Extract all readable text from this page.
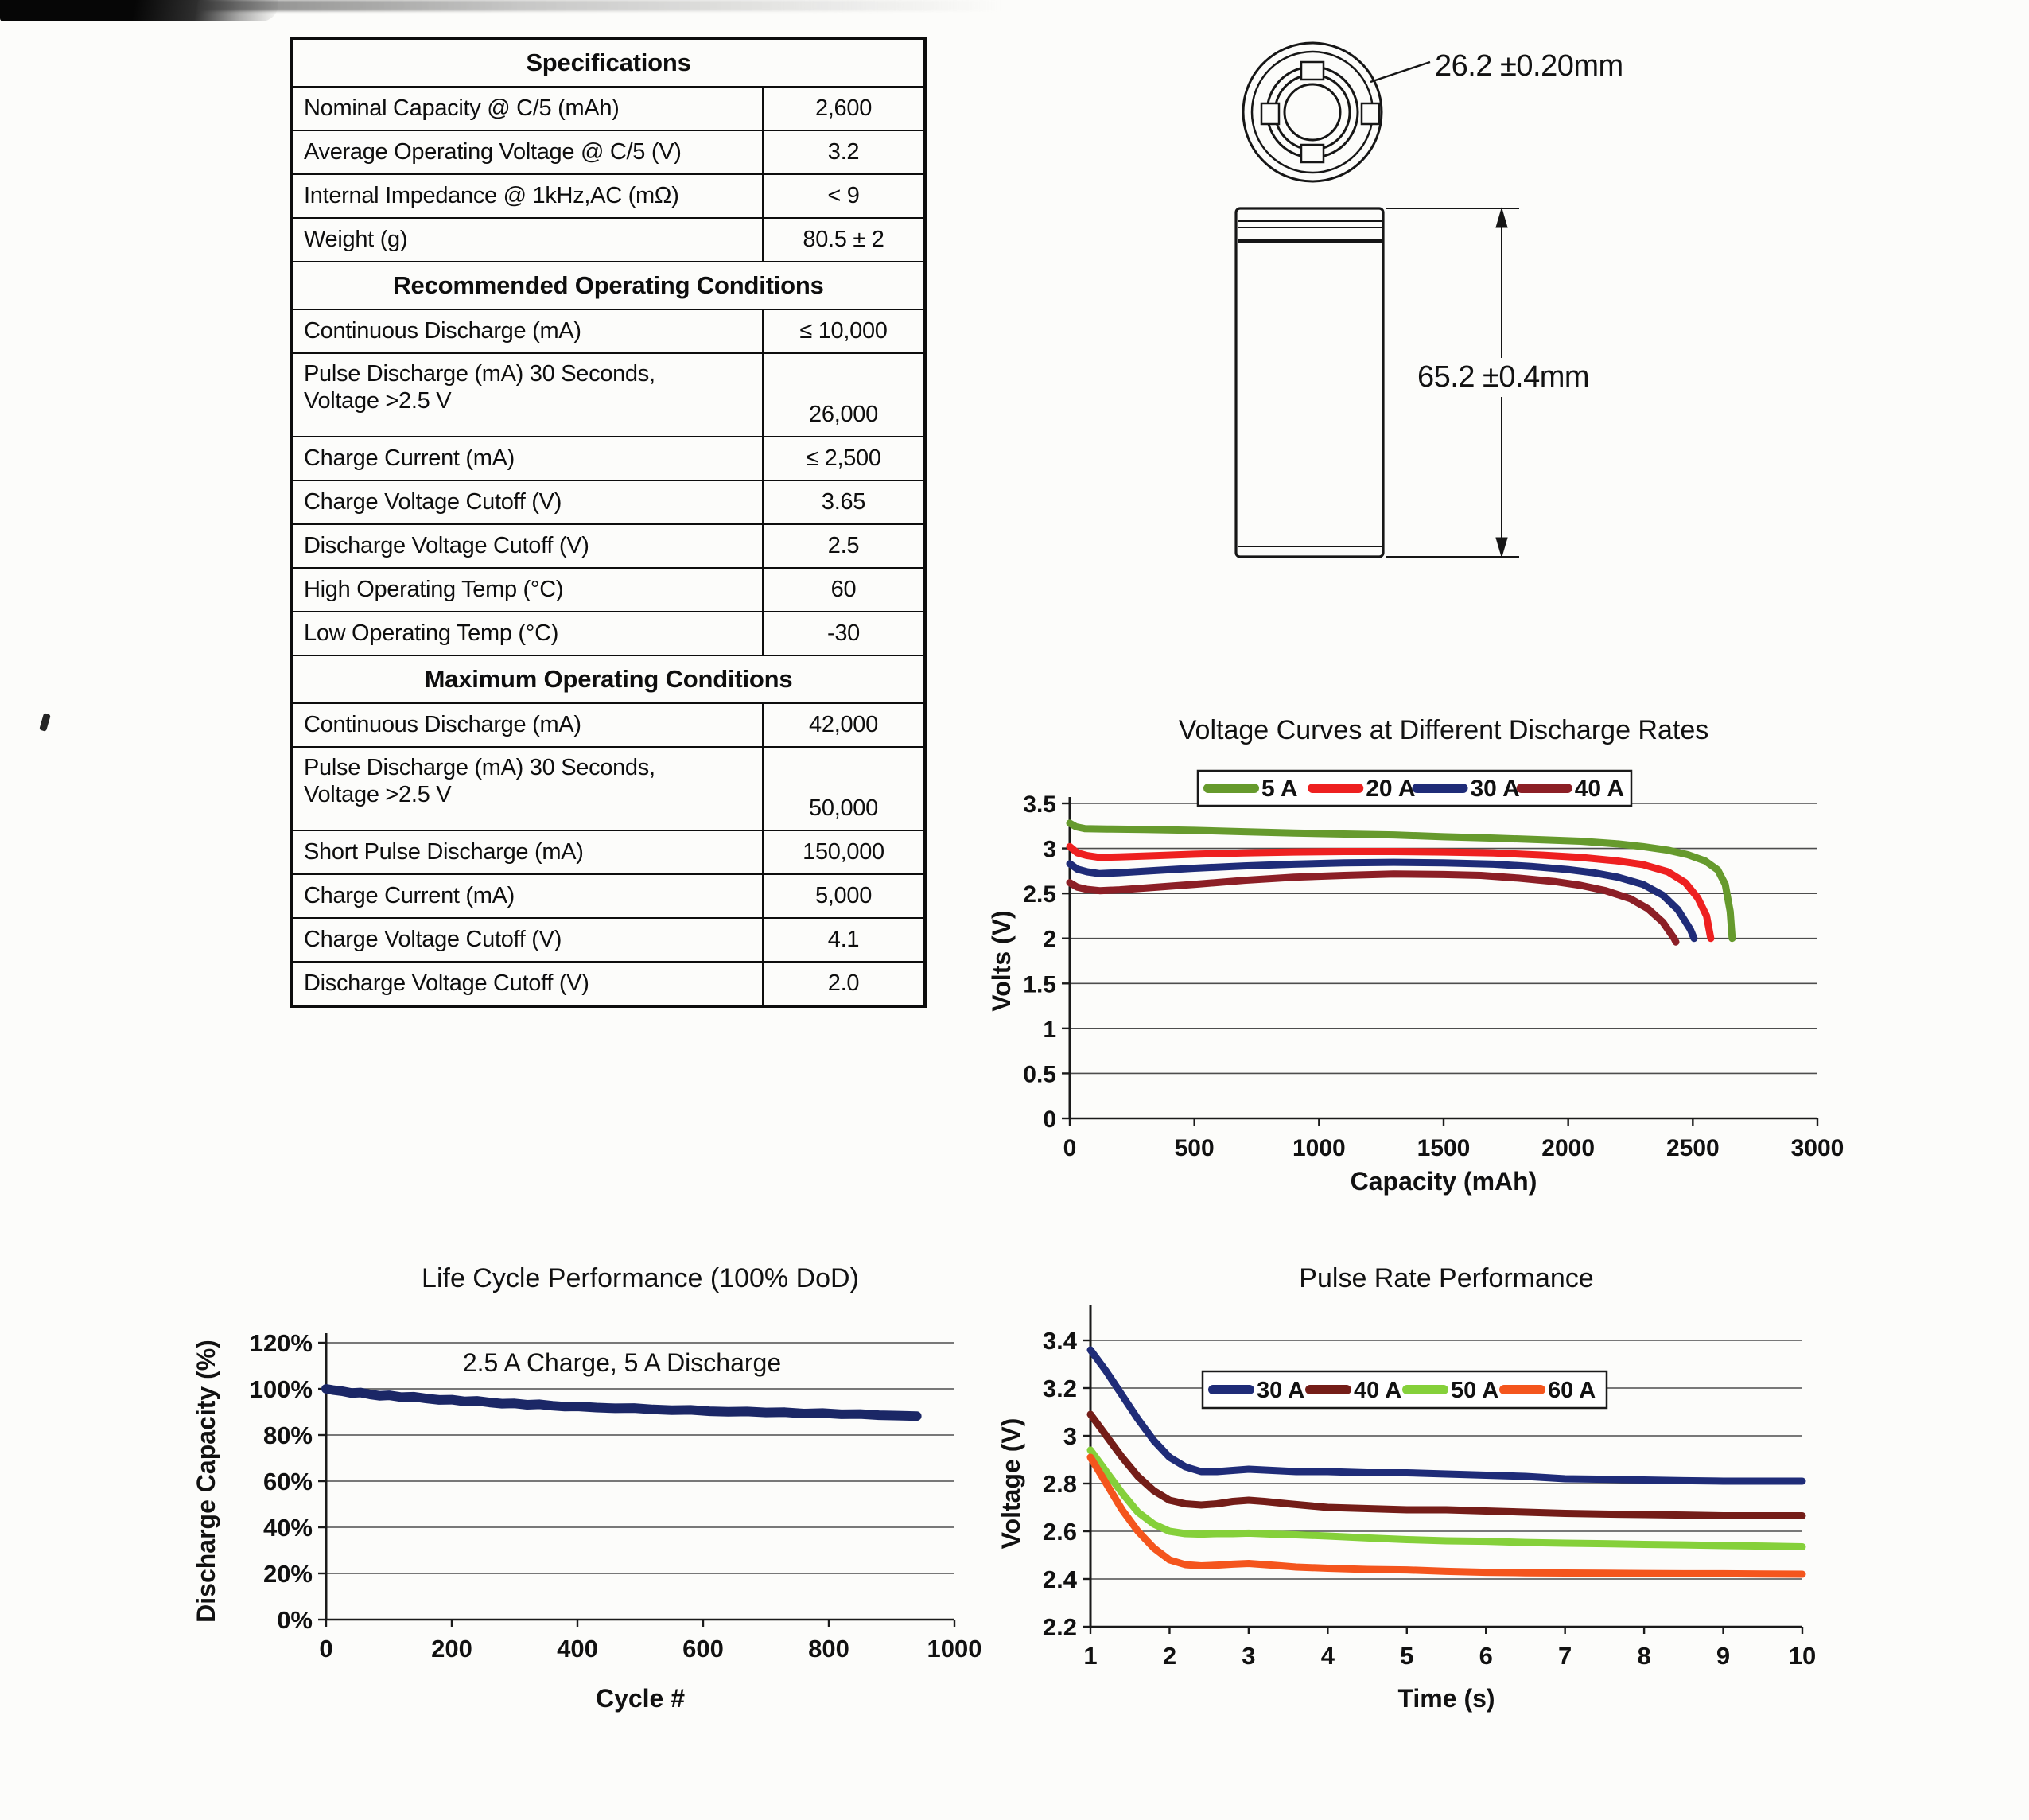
Specifications	

Nominal Capacity @ C/5 (mAh)	2,600

Average Operating Voltage @ C/5 (V)	3.2

Internal Impedance @ 1kHz,AC (mΩ)	< 9

Weight (g)	80.5 ± 2
Recommended Operating Conditions	

Continuous Discharge (mA)	≤ 10,000

Pulse Discharge (mA) 30 Seconds,
Voltage >2.5 V	26,000

Charge Current (mA)	≤ 2,500

Charge Voltage Cutoff (V)	3.65

Discharge Voltage Cutoff (V)	2.5

High Operating Temp (°C)	60

Low Operating Temp (°C)	-30
Maximum Operating Conditions	

Continuous Discharge (mA)	42,000

Pulse Discharge (mA) 30 Seconds,
Voltage >2.5 V	50,000

Short Pulse Discharge (mA)	150,000

Charge Current (mA)	5,000

Charge Voltage Cutoff (V)	4.1

Discharge Voltage Cutoff (V)	2.0
26.2 ±0.20mm
65.2 ±0.4mm
0
0.5
1
1.5
2
2.5
3
3.5
0	500	1000	1500	2000	2500	3000
Voltage Curves at Different Discharge Rates
Capacity (mAh)
Volts (V)
5 A	20 A 30 A 40 A
0%
20%
40%
60%
80%
100%
120%
0	200	400	600	800	1000
Life Cycle Performance (100% DoD)
Cycle #
Discharge Capacity (%)	2.5 A Charge, 5 A Discharge
2.2
2.4
2.6
2.8
3
3.2
3.4
1	2	3	4	5	6	7	8	9 10
Pulse Rate Performance
Time (s)
Voltage (V)
30 A 40 A 50 A 60 A
